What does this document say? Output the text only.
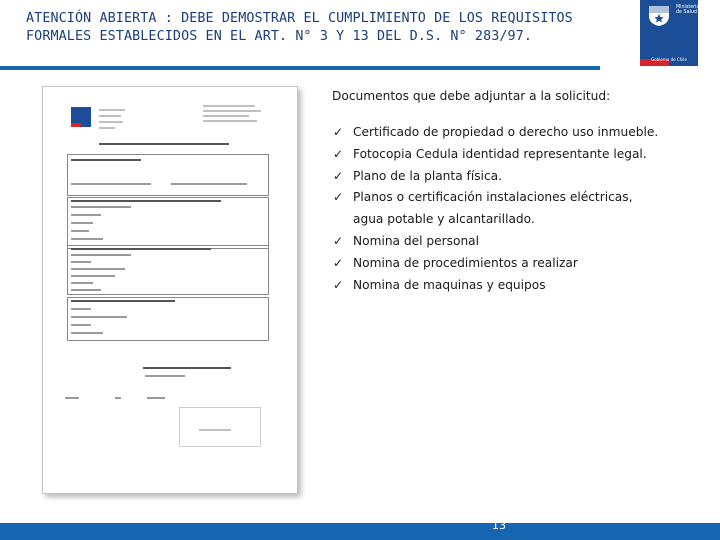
ATENCIÓN ABIERTA : DEBE DEMOSTRAR EL CUMPLIMIENTO DE LOS REQUISITOS FORMALES ESTABLECIDOS EN EL ART. N° 3 Y 13 DEL D.S. N° 283/97.
Ministerio de Salud
Gobierno de Chile
Documentos que debe adjuntar a la solicitud:
✓ Certificado de propiedad o derecho uso inmueble.
✓ Fotocopia Cedula identidad representante legal.
✓ Plano de la planta física.
✓ Planos o certificación instalaciones eléctricas,
agua potable y alcantarillado.
✓ Nomina del personal
✓ Nomina de procedimientos a realizar
✓ Nomina de maquinas y equipos
13
